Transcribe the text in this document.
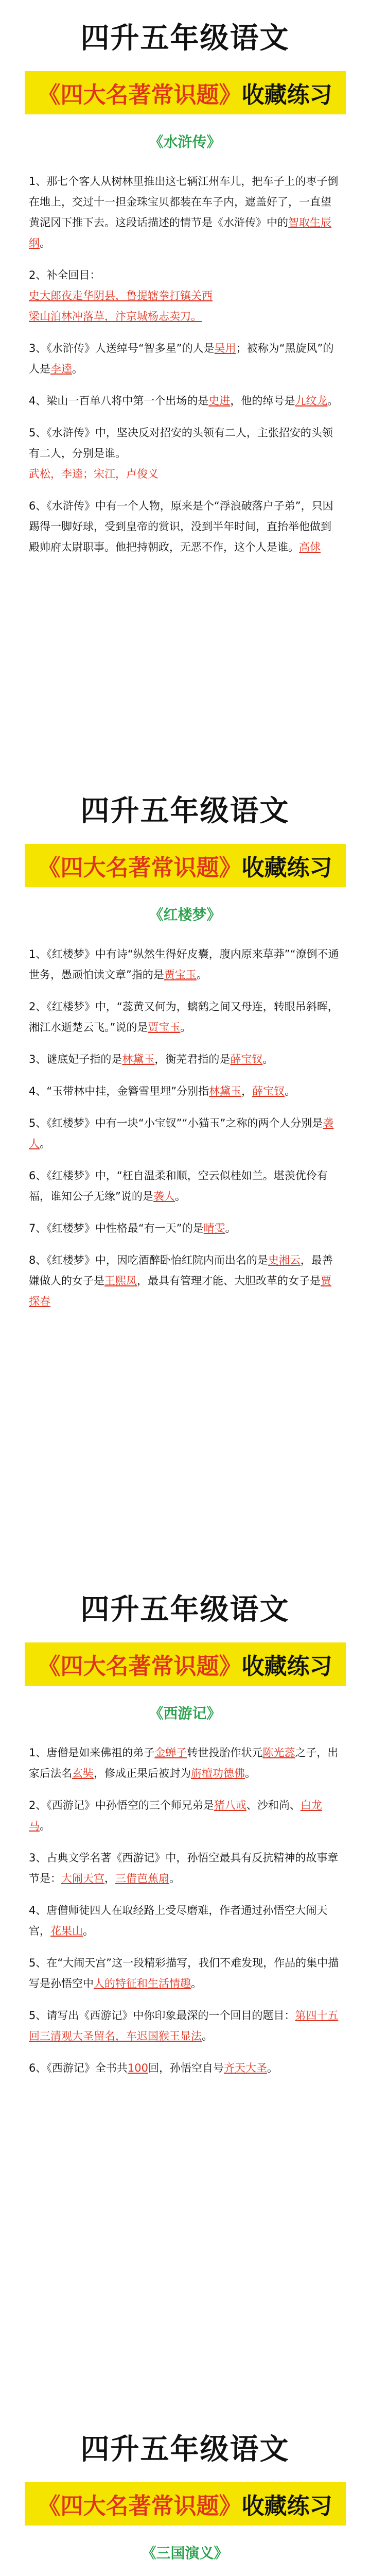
四升五年级语文
《四大名著常识题》收藏练习
《水浒传》
1、那七个客人从树林里推出这七辆江州车儿，把车子上的枣子倒在地上，交过十一担金珠宝贝都装在车子内，遮盖好了，一直望黄泥冈下推下去。这段话描述的情节是《水浒传》中的智取生辰纲。
2、补全回目：
史大郎夜走华阴县，鲁提辖拳打镇关西
梁山泊林冲落草，汴京城杨志卖刀。
3、《水浒传》人送绰号“智多星”的人是吴用；被称为“黑旋风”的人是李逵。
4、梁山一百单八将中第一个出场的是史进，他的绰号是九纹龙。
5、《水浒传》中，坚决反对招安的头领有二人，主张招安的头领有二人，分别是谁。
武松，李逵；宋江，卢俊义
6、《水浒传》中有一个人物，原来是个“浮浪破落户子弟”，只因踢得一脚好球，受到皇帝的赏识，没到半年时间，直抬举他做到殿帅府太尉职事。他把持朝政，无恶不作，这个人是谁。高俅
四升五年级语文
《四大名著常识题》收藏练习
《红楼梦》
1、《红楼梦》中有诗“纵然生得好皮囊，腹内原来草莽”“潦倒不通世务，愚顽怕读文章”指的是贾宝玉。
2、《红楼梦》中，“蕊黄又何为，螭鹤之间又母连，转眼吊斜晖，湘江水逝楚云飞。”说的是贾宝玉。
3、谜底妃子指的是林黛玉，衡芜君指的是薛宝钗。
4、“玉带林中挂，金簪雪里埋”分别指林黛玉，薛宝钗。
5、《红楼梦》中有一块“小宝钗”“小猫玉”之称的两个人分别是袭人。
6、《红楼梦》中，“枉自温柔和顺，空云似桂如兰。堪羡优伶有福，谁知公子无缘”说的是袭人。
7、《红楼梦》中性格最“有一天”的是晴雯。
8、《红楼梦》中，因吃酒醉卧怡红院内而出名的是史湘云，最善嫌做人的女子是王熙凤，最具有管理才能、大胆改革的女子是贾探春
四升五年级语文
《四大名著常识题》收藏练习
《西游记》
1、唐僧是如来佛祖的弟子金蝉子转世投胎作状元陈光蕊之子，出家后法名玄奘，修成正果后被封为旃檀功德佛。
2、《西游记》中孙悟空的三个师兄弟是猪八戒、沙和尚、白龙马。
3、古典文学名著《西游记》中，孙悟空最具有反抗精神的故事章节是：大闹天宫，三借芭蕉扇。
4、唐僧师徒四人在取经路上受尽磨难，作者通过孙悟空大闹天宫，花果山。
5、在“大闹天宫”这一段精彩描写，我们不难发现，作品的集中描写是孙悟空中人的特征和生活情趣。
5、请写出《西游记》中你印象最深的一个回目的题目：第四十五回三清观大圣留名，车迟国猴王显法。
6、《西游记》全书共100回，孙悟空自号齐天大圣。
四升五年级语文
《四大名著常识题》收藏练习
《三国演义》
